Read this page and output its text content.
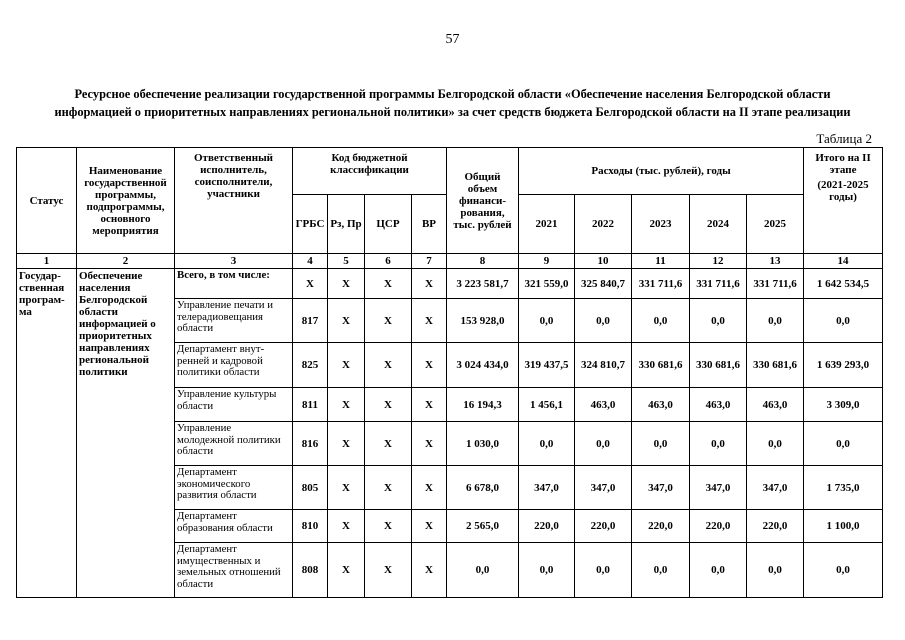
57
Ресурсное обеспечение реализации государственной программы Белгородской области «Обеспечение населения Белгородской области
информацией о приоритетных направлениях региональной политики» за счет средств бюджета Белгородской области на II этапе реализации
Таблица 2
Статус	Наименование государственной программы, подпрограммы, основного мероприятия	Ответственный исполнитель, соисполнители, участники	Код бюджетной классификации				Общий объем финанси-рования, тыс. рублей	Расходы (тыс. рублей), годы					Итого на II этапе
(2021-2025 годы)

			ГРБС	Рз, Пр	ЦСР	ВР		2021	2022	2023	2024	2025	
1	2	3	4	5	6	7	8	9	10	11	12	13	14
Государ-ственная програм-ма	Обеспечение населения Белгородской области информацией о приоритетных направлениях региональной политики	Всего, в том числе:	Х	Х	Х	Х	3 223 581,7	321 559,0	325 840,7	331 711,6	331 711,6	331 711,6	1 642 534,5
		Управление печати и телерадиовещания области	817	Х	Х	Х	153 928,0	0,0	0,0	0,0	0,0	0,0	0,0
		Департамент внут-ренней и кадровой политики области	825	Х	Х	Х	3 024 434,0	319 437,5	324 810,7	330 681,6	330 681,6	330 681,6	1 639 293,0
		Управление культуры области	811	Х	Х	Х	16 194,3	1 456,1	463,0	463,0	463,0	463,0	3 309,0
		Управление молодежной политики области	816	Х	Х	Х	1 030,0	0,0	0,0	0,0	0,0	0,0	0,0
		Департамент экономического развития области	805	Х	Х	Х	6 678,0	347,0	347,0	347,0	347,0	347,0	1 735,0
		Департамент образования области	810	Х	Х	Х	2 565,0	220,0	220,0	220,0	220,0	220,0	1 100,0
		Департамент имущественных и земельных отношений области	808	Х	Х	Х	0,0	0,0	0,0	0,0	0,0	0,0	0,0
